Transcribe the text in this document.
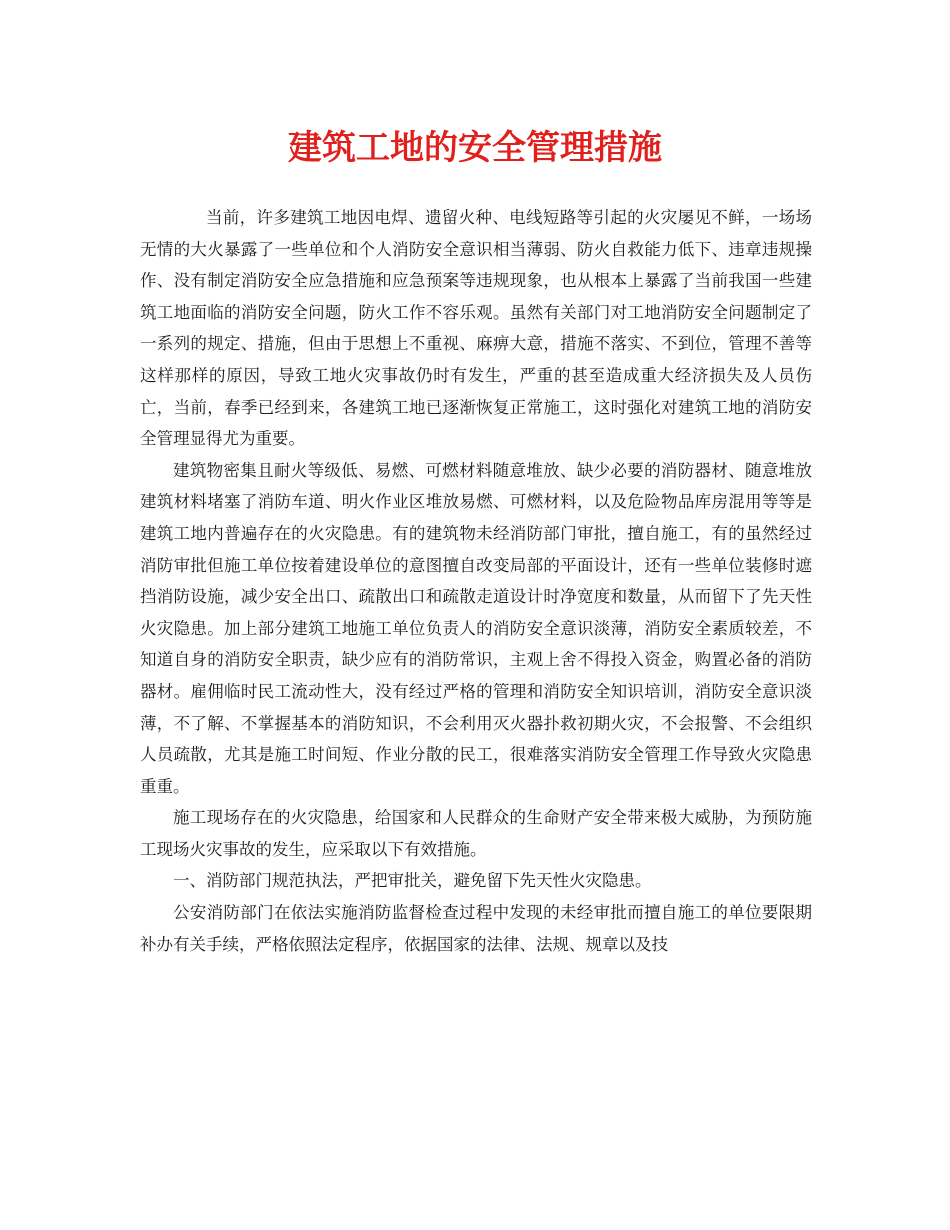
建筑工地的安全管理措施

当前，许多建筑工地因电焊、遗留火种、电线短路等引起的火灾屡见不鲜，一场场无情的大火暴露了一些单位和个人消防安全意识相当薄弱、防火自救能力低下、违章违规操作、没有制定消防安全应急措施和应急预案等违规现象，也从根本上暴露了当前我国一些建筑工地面临的消防安全问题，防火工作不容乐观。虽然有关部门对工地消防安全问题制定了一系列的规定、措施，但由于思想上不重视、麻痹大意，措施不落实、不到位，管理不善等这样那样的原因，导致工地火灾事故仍时有发生，严重的甚至造成重大经济损失及人员伤亡，当前，春季已经到来，各建筑工地已逐渐恢复正常施工，这时强化对建筑工地的消防安全管理显得尤为重要。

建筑物密集且耐火等级低、易燃、可燃材料随意堆放、缺少必要的消防器材、随意堆放建筑材料堵塞了消防车道、明火作业区堆放易燃、可燃材料，以及危险物品库房混用等等是建筑工地内普遍存在的火灾隐患。有的建筑物未经消防部门审批，擅自施工，有的虽然经过消防审批但施工单位按着建设单位的意图擅自改变局部的平面设计，还有一些单位装修时遮挡消防设施，减少安全出口、疏散出口和疏散走道设计时净宽度和数量，从而留下了先天性火灾隐患。加上部分建筑工地施工单位负责人的消防安全意识淡薄，消防安全素质较差，不知道自身的消防安全职责，缺少应有的消防常识，主观上舍不得投入资金，购置必备的消防器材。雇佣临时民工流动性大，没有经过严格的管理和消防安全知识培训，消防安全意识淡薄，不了解、不掌握基本的消防知识，不会利用灭火器扑救初期火灾，不会报警、不会组织人员疏散，尤其是施工时间短、作业分散的民工，很难落实消防安全管理工作导致火灾隐患重重。

施工现场存在的火灾隐患，给国家和人民群众的生命财产安全带来极大威胁，为预防施工现场火灾事故的发生，应采取以下有效措施。

一、消防部门规范执法，严把审批关，避免留下先天性火灾隐患。

公安消防部门在依法实施消防监督检查过程中发现的未经审批而擅自施工的单位要限期补办有关手续，严格依照法定程序，依据国家的法律、法规、规章以及技
